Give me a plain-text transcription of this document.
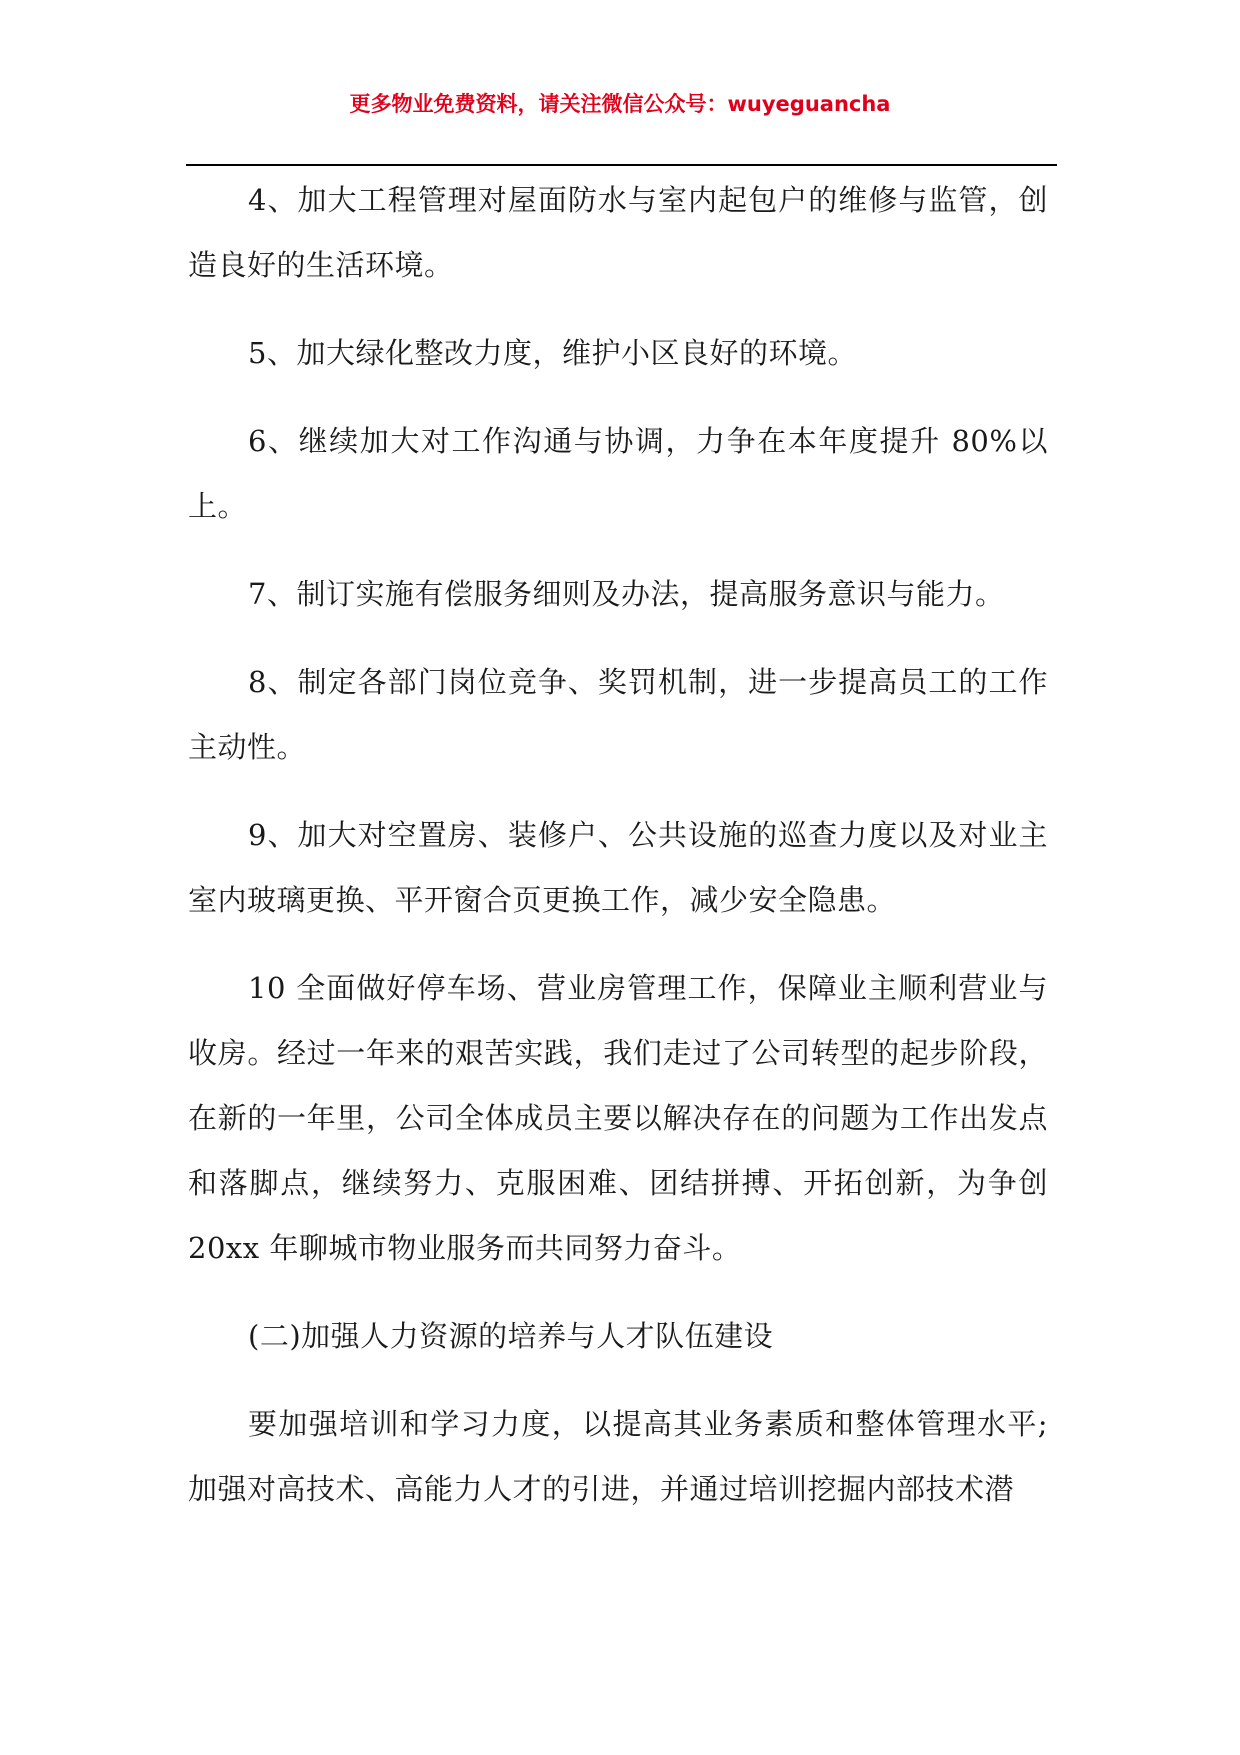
更多物业免费资料，请关注微信公众号：wuyeguancha

4、加大工程管理对屋面防水与室内起包户的维修与监管，创造良好的生活环境。

5、加大绿化整改力度，维护小区良好的环境。

6、继续加大对工作沟通与协调，力争在本年度提升 80%以上。

7、制订实施有偿服务细则及办法，提高服务意识与能力。

8、制定各部门岗位竞争、奖罚机制，进一步提高员工的工作主动性。

9、加大对空置房、装修户、公共设施的巡查力度以及对业主室内玻璃更换、平开窗合页更换工作，减少安全隐患。

10 全面做好停车场、营业房管理工作，保障业主顺利营业与收房。经过一年来的艰苦实践，我们走过了公司转型的起步阶段，在新的一年里，公司全体成员主要以解决存在的问题为工作出发点和落脚点，继续努力、克服困难、团结拼搏、开拓创新，为争创 20xx 年聊城市物业服务而共同努力奋斗。

(二)加强人力资源的培养与人才队伍建设

要加强培训和学习力度，以提高其业务素质和整体管理水平;加强对高技术、高能力人才的引进，并通过培训挖掘内部技术潜
